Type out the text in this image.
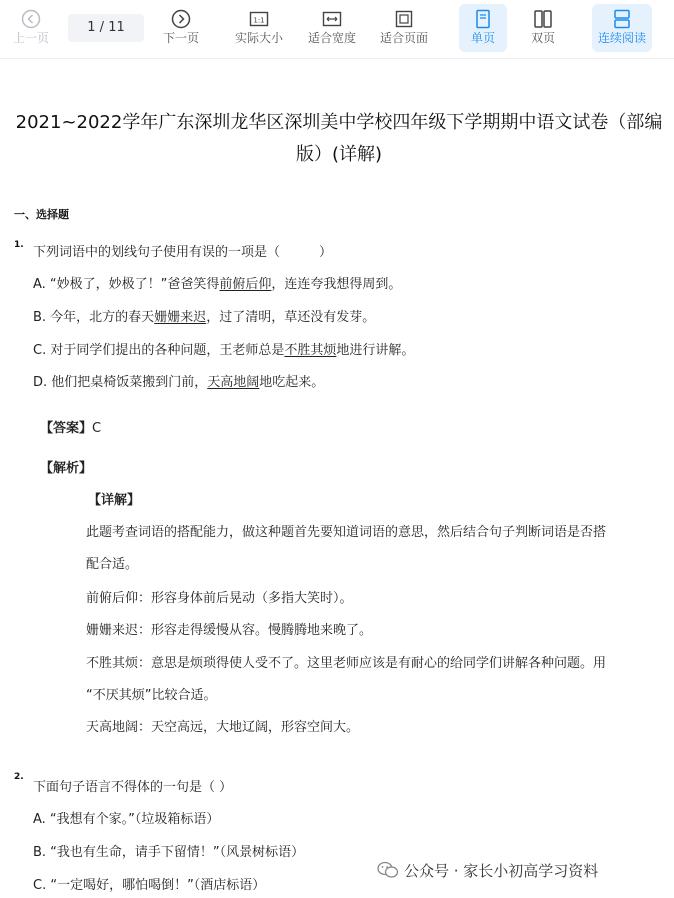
上一页
1 / 11
下一页
1:1
实际大小	适合宽度	适合页面	单页	双页	连续阅读
2021~2022学年广东深圳龙华区深圳美中学校四年级下学期期中语文试卷（部编
版）(详解)
一、选择题
1. 下列词语中的划线句子使用有误的一项是（　　　）
A. “妙极了，妙极了！”爸爸笑得前俯后仰，连连夸我想得周到。
B. 今年，北方的春天姗姗来迟，过了清明，草还没有发芽。
C. 对于同学们提出的各种问题，王老师总是不胜其烦地进行讲解。
D. 他们把桌椅饭菜搬到门前，天高地阔地吃起来。
【答案】C
【解析】
【详解】
此题考查词语的搭配能力，做这种题首先要知道词语的意思，然后结合句子判断词语是否搭
配合适。
前俯后仰：形容身体前后晃动（多指大笑时）。
姗姗来迟：形容走得缓慢从容。慢腾腾地来晚了。
不胜其烦：意思是烦琐得使人受不了。这里老师应该是有耐心的给同学们讲解各种问题。用
“不厌其烦”比较合适。
天高地阔：天空高远，大地辽阔，形容空间大。
2.
下面句子语言不得体的一句是（ ）
A. “我想有个家。”（垃圾箱标语）
B. “我也有生命，请手下留情！”（风景树标语）
C. “一定喝好，哪怕喝倒！”（酒店标语）
公众号 · 家长小初高学习资料
